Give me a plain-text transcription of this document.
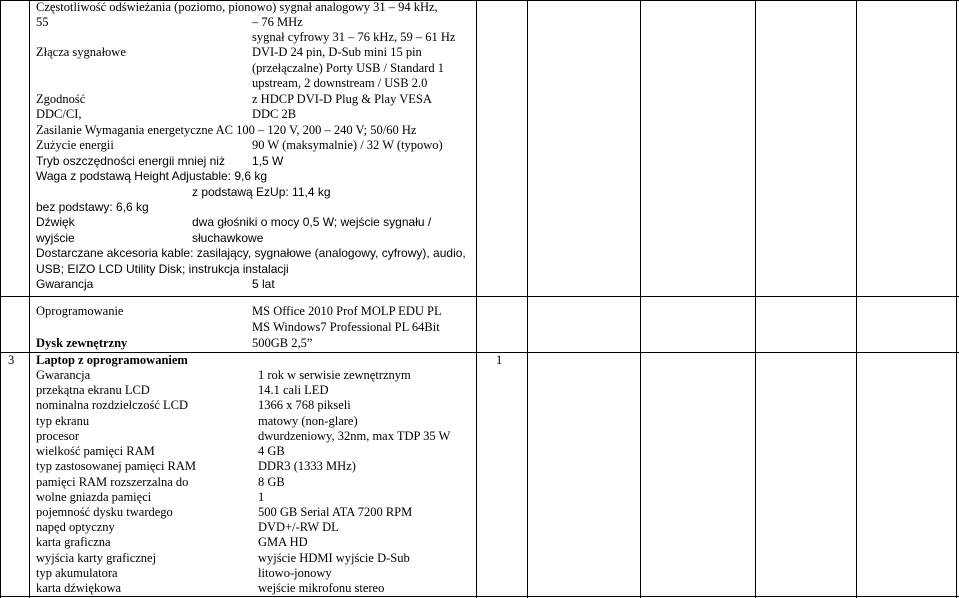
Częstotliwość odświeżania (poziomo, pionowo) sygnał analogowy 31 – 94 kHz,
55	– 76 MHz
sygnał cyfrowy 31 – 76 kHz, 59 – 61 Hz
Złącza sygnałowe	DVI-D 24 pin, D-Sub mini 15 pin
(przełączalne) Porty USB / Standard 1
upstream, 2 downstream / USB 2.0
Zgodność	z HDCP DVI-D Plug & Play VESA
DDC/CI,	DDC 2B
Zasilanie Wymagania energetyczne AC 100 – 120 V, 200 – 240 V; 50/60 Hz
Zużycie energii	90 W (maksymalnie) / 32 W (typowo)
Tryb oszczędności energii mniej niż 1,5 W
Waga z podstawą Height Adjustable: 9,6 kg
z podstawą EzUp: 11,4 kg
bez podstawy: 6,6 kg
Dźwięk	dwa głośniki o mocy 0,5 W; wejście sygnału /
wyjście	słuchawkowe
Dostarczane akcesoria kable: zasilający, sygnałowe (analogowy, cyfrowy), audio,
USB; EIZO LCD Utility Disk; instrukcja instalacji
Gwarancja	5 lat
Oprogramowanie	MS Office 2010 Prof MOLP EDU PL
MS Windows7 Professional PL 64Bit
Dysk zewnętrzny	500GB 2,5”
3 Laptop z oprogramowaniem	1
Gwarancja	1 rok w serwisie zewnętrznym
przekątna ekranu LCD	14.1 cali LED
nominalna rozdzielczość LCD	1366 x 768 pikseli
typ ekranu	matowy (non-glare)
procesor	dwurdzeniowy, 32nm, max TDP 35 W
wielkość pamięci RAM	4 GB
typ zastosowanej pamięci RAM	DDR3 (1333 MHz)
pamięci RAM rozszerzalna do	8 GB
wolne gniazda pamięci	1
pojemność dysku twardego	500 GB Serial ATA 7200 RPM
napęd optyczny	DVD+/-RW DL
karta graficzna	GMA HD
wyjścia karty graficznej	wyjście HDMI wyjście D-Sub
typ akumulatora	litowo-jonowy
karta dźwiękowa	wejście mikrofonu stereo
